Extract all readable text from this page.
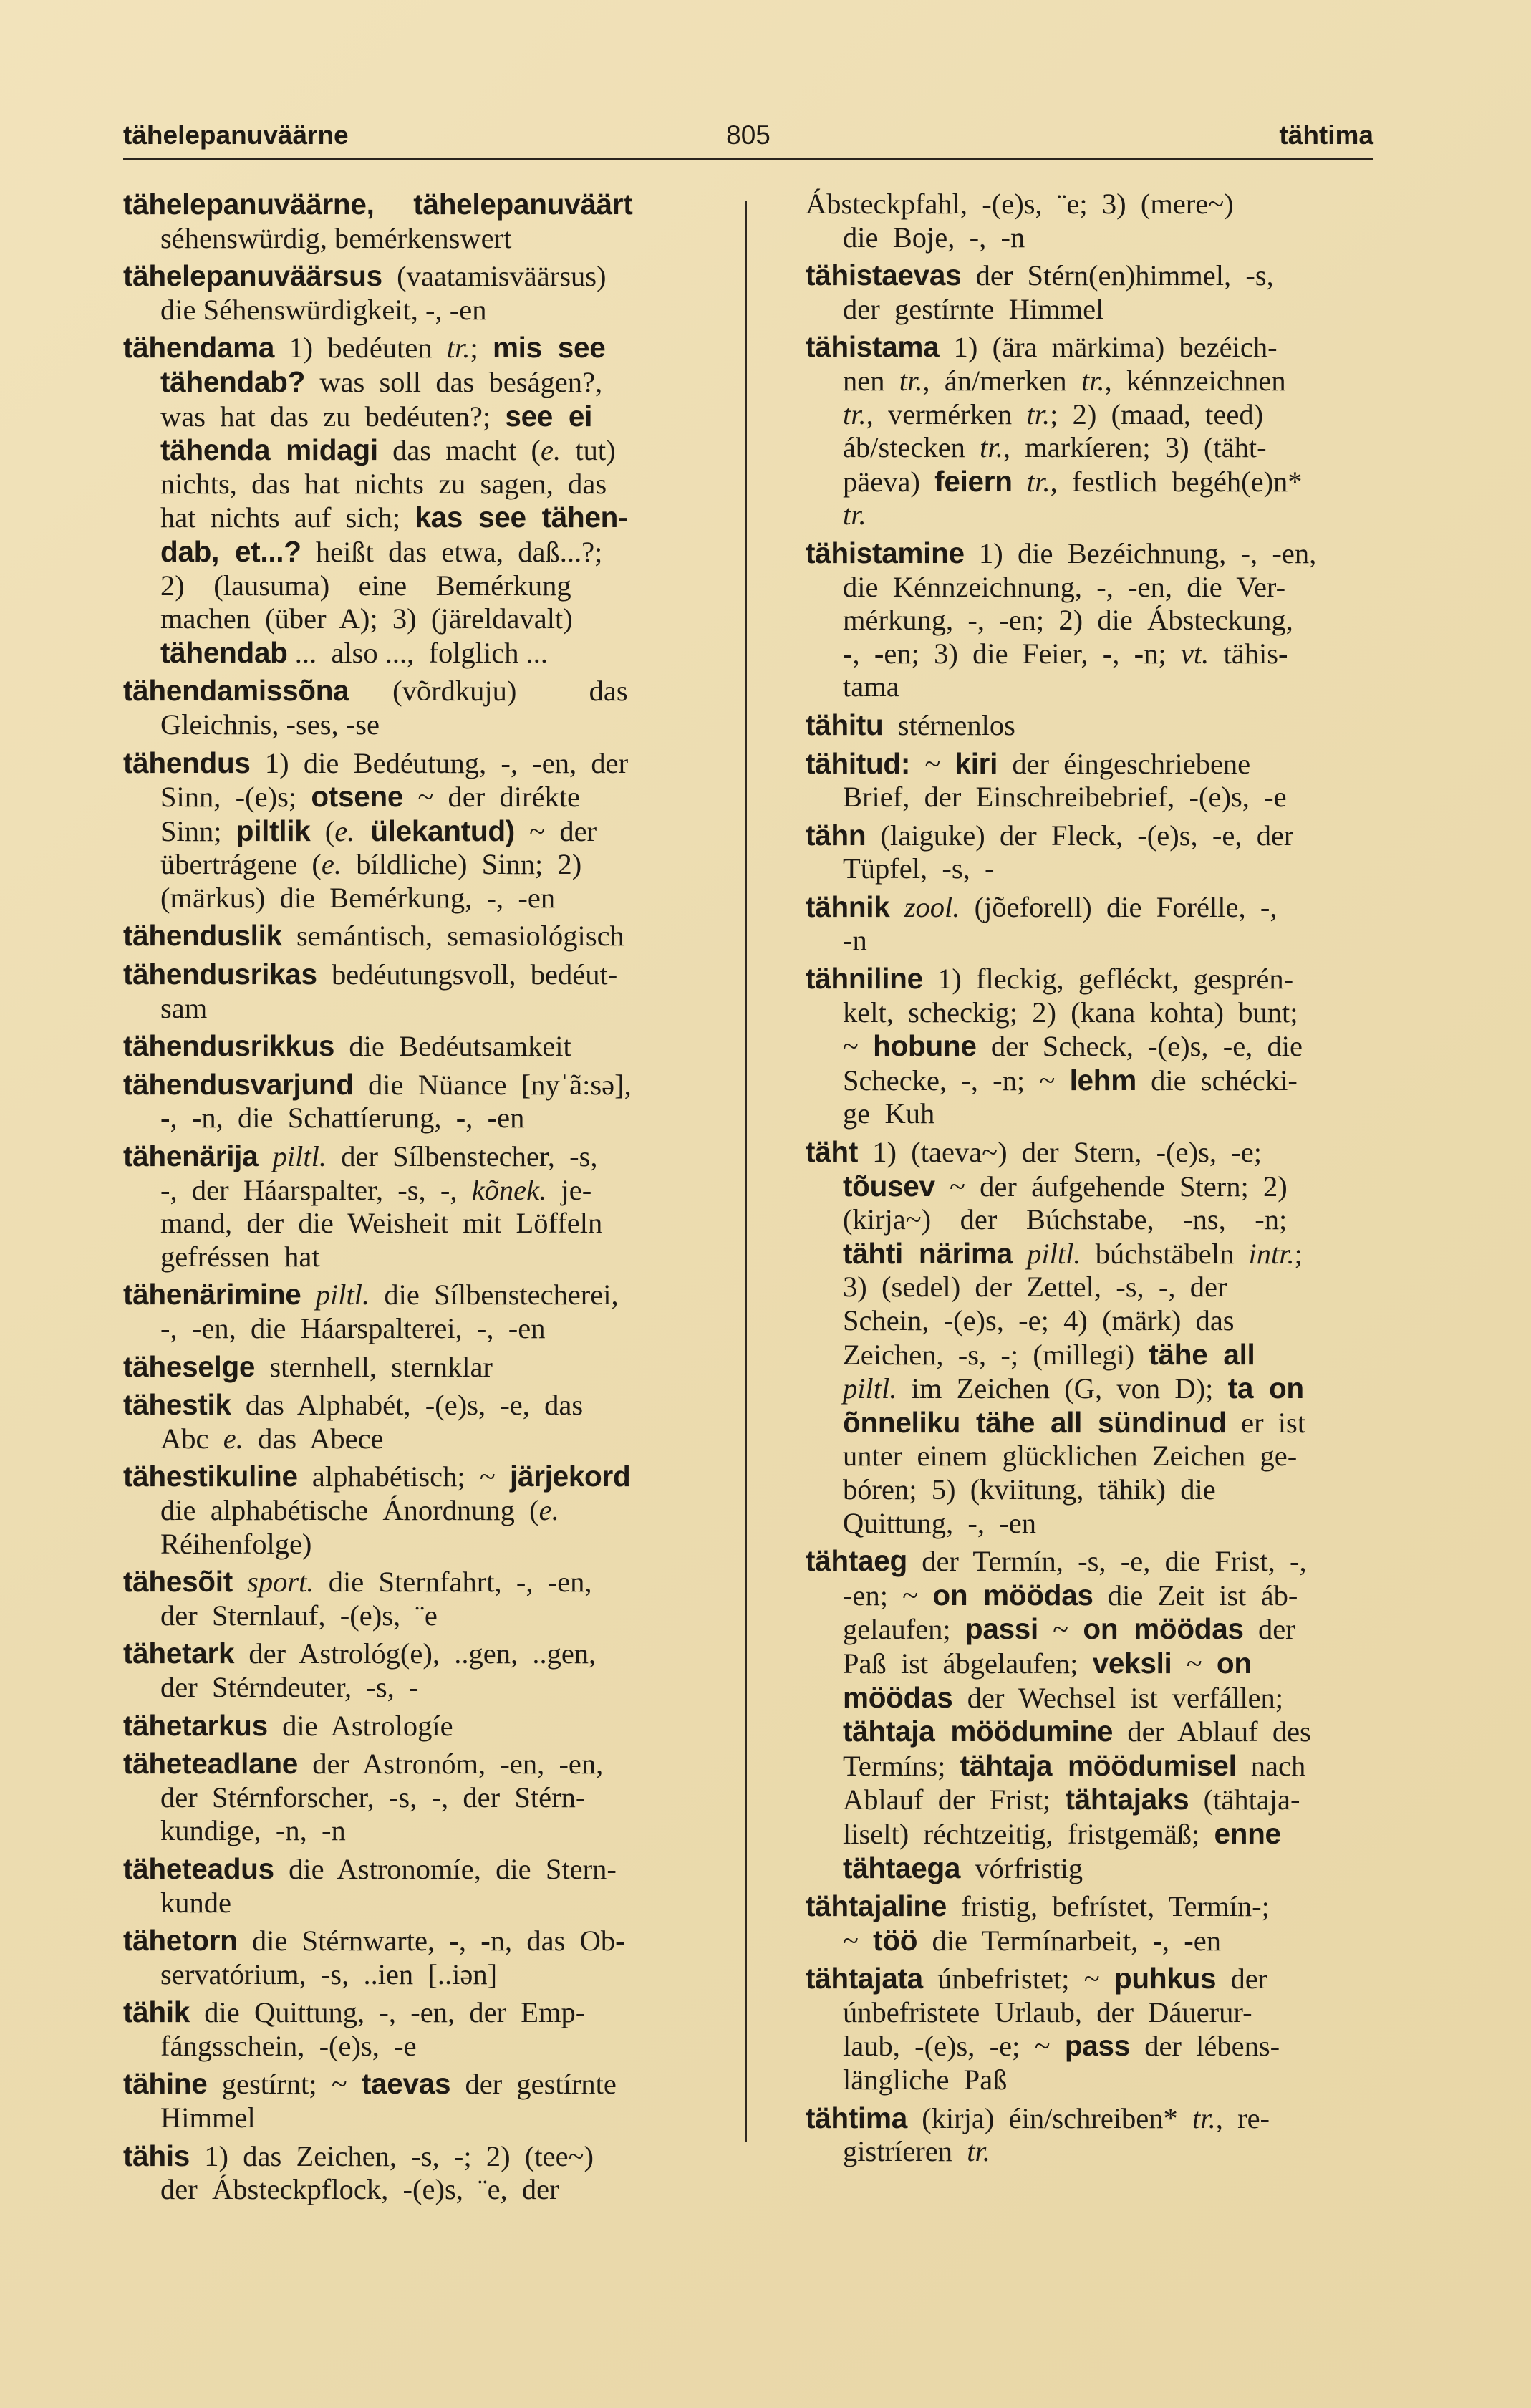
tähelepanuväärne	805	tähtima
tähelepanuväärne,     tähelepanuväärt
séhenswürdig, bemérkenswert
tähelepanuväärsus  (vaatamisväärsus)
die Séhenswürdigkeit, -, -en
tähendama  1)  bedéuten  tr.;  mis  see
tähendab?  was  soll  das  beságen?,
was  hat  das  zu  bedéuten?;  see  ei
tähenda  midagi  das  macht  (e.  tut)
nichts,  das  hat  nichts  zu  sagen,  das
hat  nichts  auf  sich;  kas  see  tähen-
dab,  et...?  heißt  das  etwa,  daß...?;
2)    (lausuma)    eine    Bemérkung
machen  (über  A);  3)  (järeldavalt)
tähendab ...  also ...,  folglich ...
tähendamissõna      (võrdkuju)          das
Gleichnis, -ses, -se
tähendus  1)  die  Bedéutung,  -,  -en,  der
Sinn,  -(e)s;  otsene  ~  der  dirékte
Sinn;  piltlik  (e.  ülekantud)  ~  der
übertrágene  (e.  bíldliche)  Sinn;  2)
(märkus)  die  Bemérkung,  -,  -en
tähenduslik  semántisch,  semasiológisch
tähendusrikas  bedéutungsvoll,  bedéut-
sam
tähendusrikkus  die  Bedéutsamkeit
tähendusvarjund  die  Nüance  [nyˈã:sə],
-,  -n,  die  Schattíerung,  -,  -en
tähenärija piltl.  der  Sílbenstecher,  -s,
-,  der  Háarspalter,  -s,  -,  kõnek.  je-
mand,  der  die  Weisheit  mit  Löffeln
gefréssen  hat
tähenärimine piltl.  die  Sílbenstecherei,
-,  -en,  die  Háarspalterei,  -,  -en
täheselge  sternhell,  sternklar
tähestik  das  Alphabét,  -(e)s,  -e,  das
Abc  e.  das  Abece
tähestikuline  alphabétisch;  ~  järjekord
die  alphabétische  Ánordnung  (e.
Réihenfolge)
tähesõit sport.  die  Sternfahrt,  -,  -en,
der  Sternlauf,  -(e)s,  ¨e
tähetark  der  Astrológ(e),  ..gen,  ..gen,
der  Stérndeuter,  -s,  -
tähetarkus  die  Astrologíe
täheteadlane  der  Astronóm,  -en,  -en,
der  Stérnforscher,  -s,  -,  der  Stérn-
kundige,  -n,  -n
täheteadus  die  Astronomíe,  die  Stern-
kunde
tähetorn  die  Stérnwarte,  -,  -n,  das  Ob-
servatórium,  -s,  ..ien  [..iən]
tähik  die  Quittung,  -,  -en,  der  Emp-
fángsschein,  -(e)s,  -e
tähine  gestírnt;  ~  taevas  der  gestírnte
Himmel
tähis  1)  das  Zeichen,  -s,  -;  2)  (tee~)
der  Ábsteckpflock,  -(e)s,  ¨e,  der
Ábsteckpfahl,  -(e)s,  ¨e;  3)  (mere~)
die  Boje,  -,  -n
tähistaevas  der  Stérn(en)himmel,  -s,
der  gestírnte  Himmel
tähistama  1)  (ära  märkima)  bezéich-
nen  tr.,  án/merken  tr.,  kénnzeichnen
tr.,  vermérken  tr.;  2)  (maad,  teed)
áb/stecken  tr.,  markíeren;  3)  (täht-
päeva)  feiern tr.,  festlich  begéh(e)n*
tr.
tähistamine  1)  die  Bezéichnung,  -,  -en,
die  Kénnzeichnung,  -,  -en,  die  Ver-
mérkung,  -,  -en;  2)  die  Ábsteckung,
-,  -en;  3)  die  Feier,  -,  -n;  vt.  tähis-
tama
tähitu  stérnenlos
tähitud:  ~  kiri  der  éingeschriebene
Brief,  der  Einschreibebrief,  -(e)s,  -e
tähn  (laiguke)  der  Fleck,  -(e)s,  -e,  der
Tüpfel,  -s,  -
tähnik zool.  (jõeforell)  die  Forélle,  -,
-n
tähniline  1)  fleckig,  gefléckt,  gesprén-
kelt,  scheckig;  2)  (kana  kohta)  bunt;
~  hobune  der  Scheck,  -(e)s,  -e,  die
Schecke,  -,  -n;  ~  lehm  die  schécki-
ge  Kuh
täht  1)  (taeva~)  der  Stern,  -(e)s,  -e;
tõusev  ~  der  áufgehende  Stern;  2)
(kirja~)    der    Búchstabe,    -ns,    -n;
tähti  närima piltl.  búchstäbeln  intr.;
3)  (sedel)  der  Zettel,  -s,  -,  der
Schein,  -(e)s,  -e;  4)  (märk)  das
Zeichen,  -s,  -;  (millegi)  tähe  all
piltl.  im  Zeichen  (G,  von  D);  ta  on
õnneliku  tähe  all  sündinud  er  ist
unter  einem  glücklichen  Zeichen  ge-
bóren;  5)  (kviitung,  tähik)  die
Quittung,  -,  -en
tähtaeg  der  Termín,  -s,  -e,  die  Frist,  -,
-en;  ~  on  möödas  die  Zeit  ist  áb-
gelaufen;  passi  ~  on  möödas  der
Paß  ist  ábgelaufen;  veksli  ~  on
möödas  der  Wechsel  ist  verfállen;
tähtaja  möödumine  der  Ablauf  des
Termíns;  tähtaja  möödumisel  nach
Ablauf  der  Frist;  tähtajaks  (tähtaja-
liselt)  réchtzeitig,  fristgemäß;  enne
tähtaega  vórfristig
tähtajaline  fristig,  befrístet,  Termín-;
~  töö  die  Termínarbeit,  -,  -en
tähtajata  únbefristet;  ~  puhkus  der
únbefristete  Urlaub,  der  Dáuerur-
laub,  -(e)s,  -e;  ~  pass  der  lébens-
längliche  Paß
tähtima  (kirja)  éin/schreiben*  tr.,  re-
gistríeren  tr.
